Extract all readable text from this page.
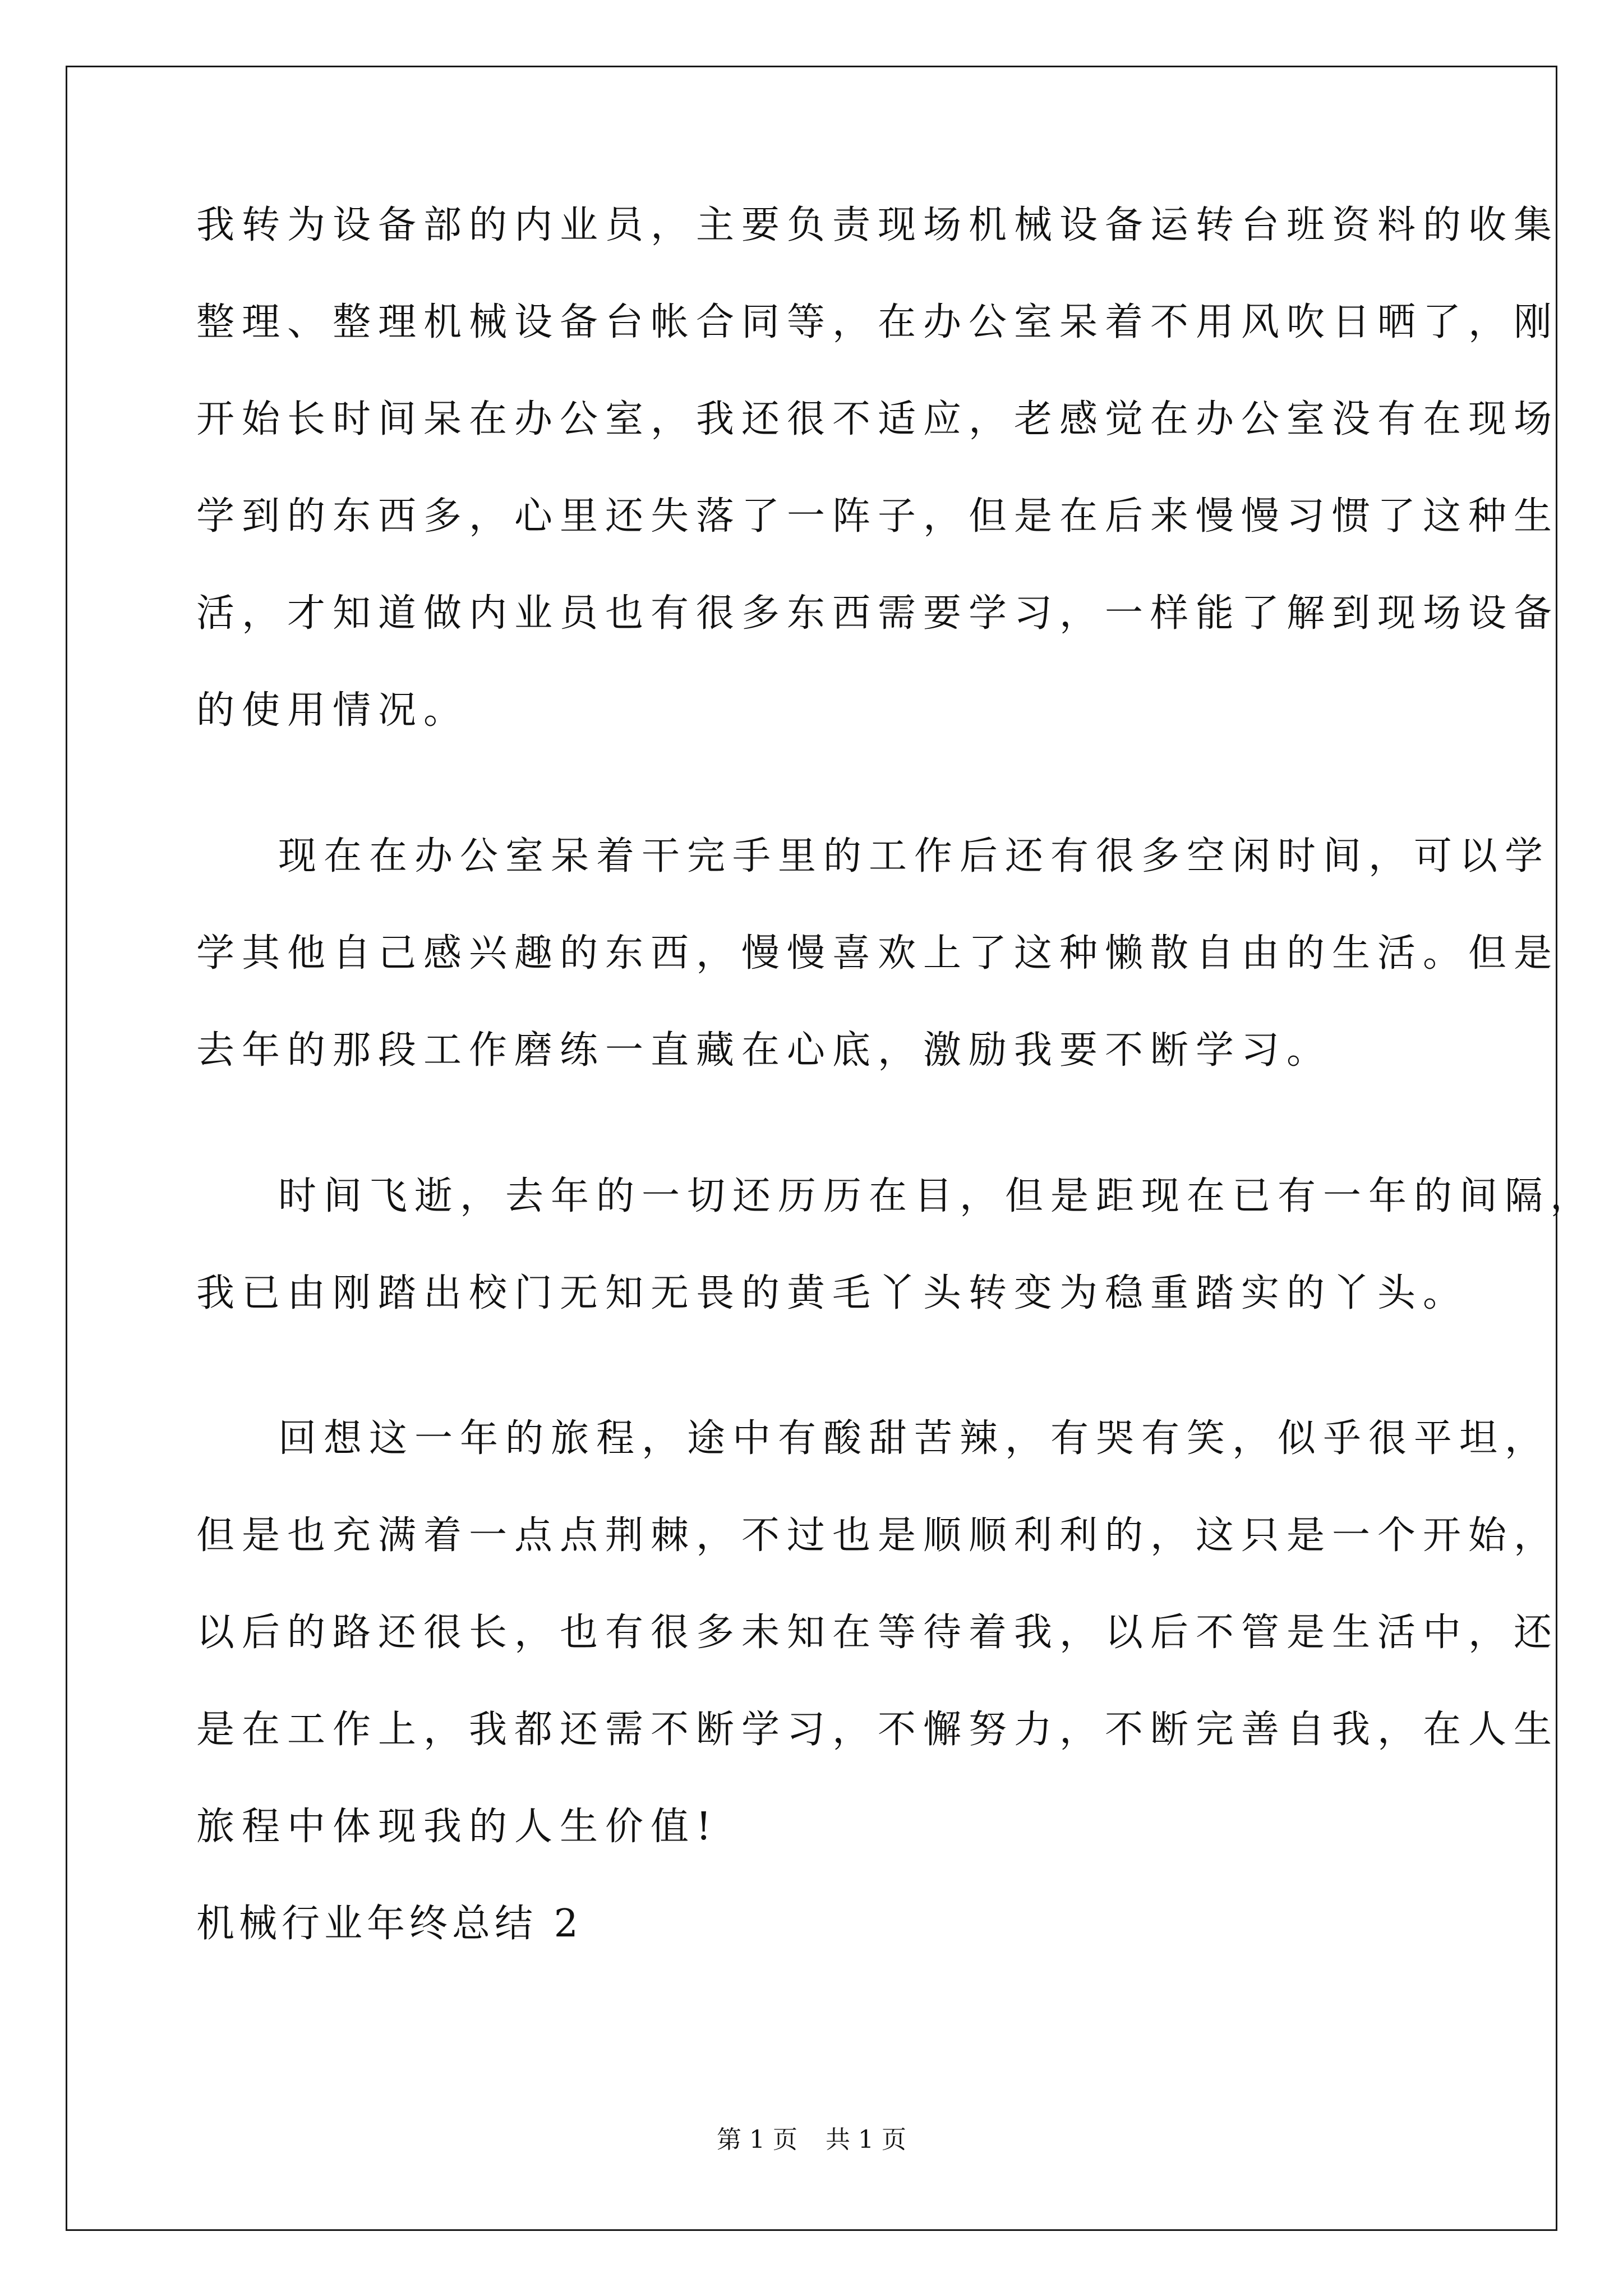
我转为设备部的内业员，主要负责现场机械设备运转台班资料的收集

整理、整理机械设备台帐合同等，在办公室呆着不用风吹日晒了，刚

开始长时间呆在办公室，我还很不适应，老感觉在办公室没有在现场

学到的东西多，心里还失落了一阵子，但是在后来慢慢习惯了这种生

活，才知道做内业员也有很多东西需要学习，一样能了解到现场设备

的使用情况。

现在在办公室呆着干完手里的工作后还有很多空闲时间，可以学

学其他自己感兴趣的东西，慢慢喜欢上了这种懒散自由的生活。但是

去年的那段工作磨练一直藏在心底，激励我要不断学习。

时间飞逝，去年的一切还历历在目，但是距现在已有一年的间隔，

我已由刚踏出校门无知无畏的黄毛丫头转变为稳重踏实的丫头。

回想这一年的旅程，途中有酸甜苦辣，有哭有笑，似乎很平坦，

但是也充满着一点点荆棘，不过也是顺顺利利的，这只是一个开始，

以后的路还很长，也有很多未知在等待着我，以后不管是生活中，还

是在工作上，我都还需不断学习，不懈努力，不断完善自我，在人生

旅程中体现我的人生价值!

机械行业年终总结 2

第 1 页 共 1 页
